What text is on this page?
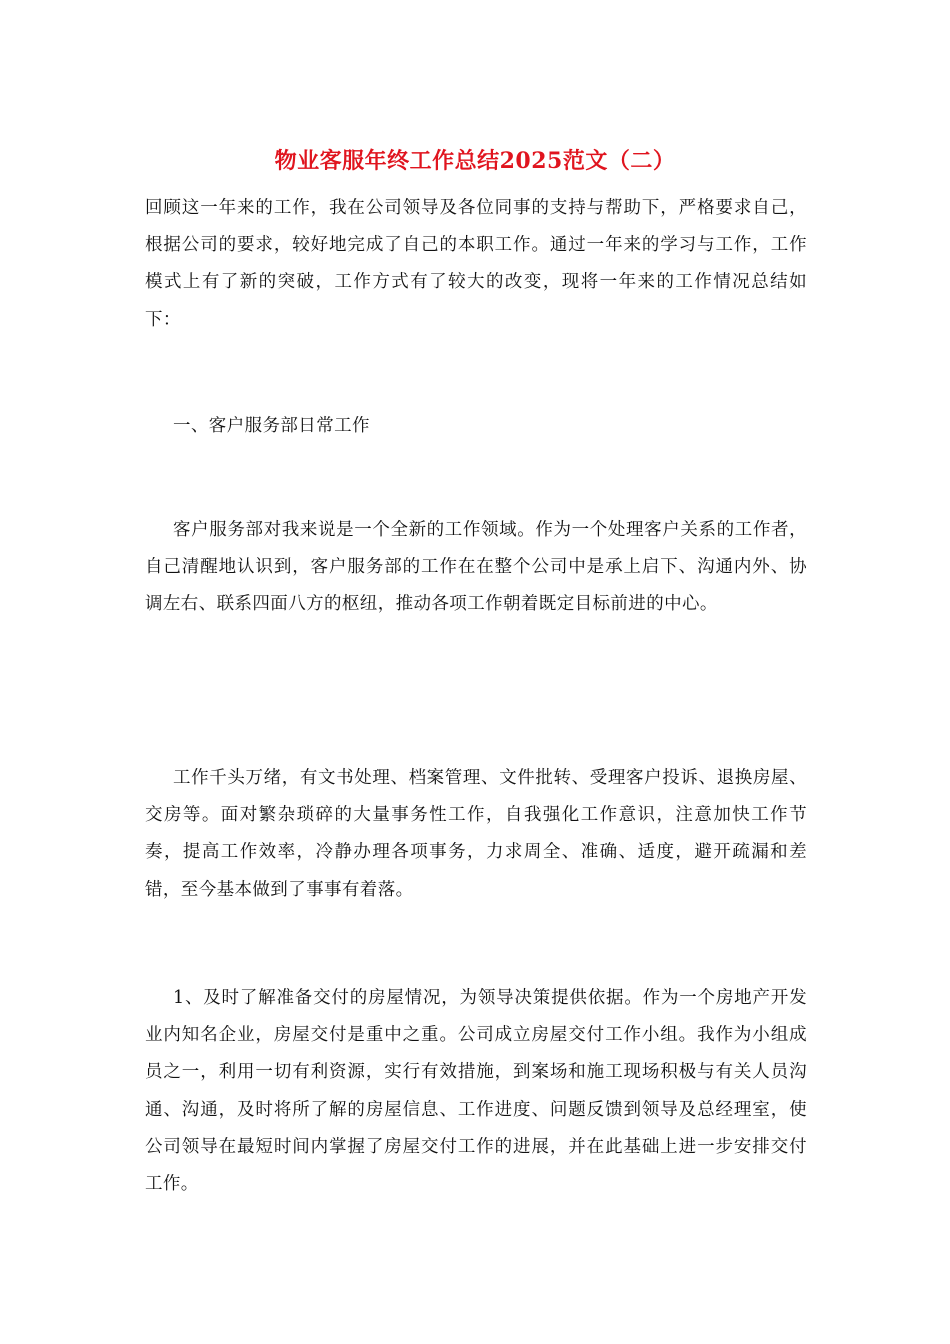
物业客服年终工作总结2025范文（二）

回顾这一年来的工作，我在公司领导及各位同事的支持与帮助下，严格要求自己，根据公司的要求，较好地完成了自己的本职工作。通过一年来的学习与工作，工作模式上有了新的突破，工作方式有了较大的改变，现将一年来的工作情况总结如下：

一、客户服务部日常工作

客户服务部对我来说是一个全新的工作领域。作为一个处理客户关系的工作者，自己清醒地认识到，客户服务部的工作在在整个公司中是承上启下、沟通内外、协调左右、联系四面八方的枢纽，推动各项工作朝着既定目标前进的中心。

工作千头万绪，有文书处理、档案管理、文件批转、受理客户投诉、退换房屋、交房等。面对繁杂琐碎的大量事务性工作，自我强化工作意识，注意加快工作节奏，提高工作效率，冷静办理各项事务，力求周全、准确、适度，避开疏漏和差错，至今基本做到了事事有着落。

1、及时了解准备交付的房屋情况，为领导决策提供依据。作为一个房地产开发业内知名企业，房屋交付是重中之重。公司成立房屋交付工作小组。我作为小组成员之一，利用一切有利资源，实行有效措施，到案场和施工现场积极与有关人员沟通、沟通，及时将所了解的房屋信息、工作进度、问题反馈到领导及总经理室，使公司领导在最短时间内掌握了房屋交付工作的进展，并在此基础上进一步安排交付工作。
